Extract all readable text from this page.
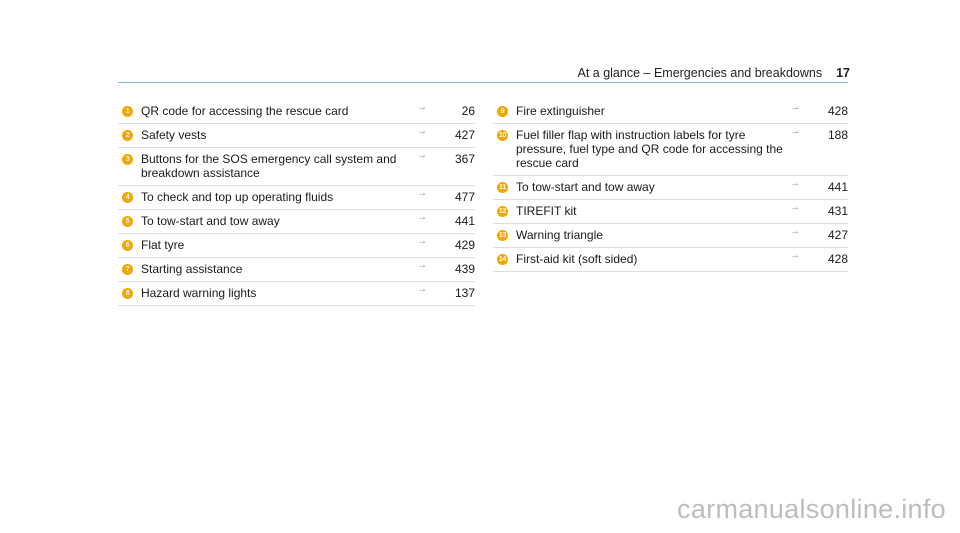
At a glance – Emergencies and breakdowns 17
1 QR code for accessing the rescue card	→	26
2 Safety vests	→	427
3 Buttons for the SOS emergency call system and breakdown assistance
→	367
4 To check and top up operating fluids	→	477
5 To tow-start and tow away	→	441
6 Flat tyre	→	429
7 Starting assistance	→	439
8 Hazard warning lights	→	137
9 Fire extinguisher	→	428
10 Fuel filler flap with instruction labels for tyre pressure, fuel type and QR code for accessing the rescue card
→	188
11 To tow-start and tow away	→	441
12 TIREFIT kit	→	431
13 Warning triangle	→	427
14 First-aid kit (soft sided)	→	428
carmanualsonline.info
